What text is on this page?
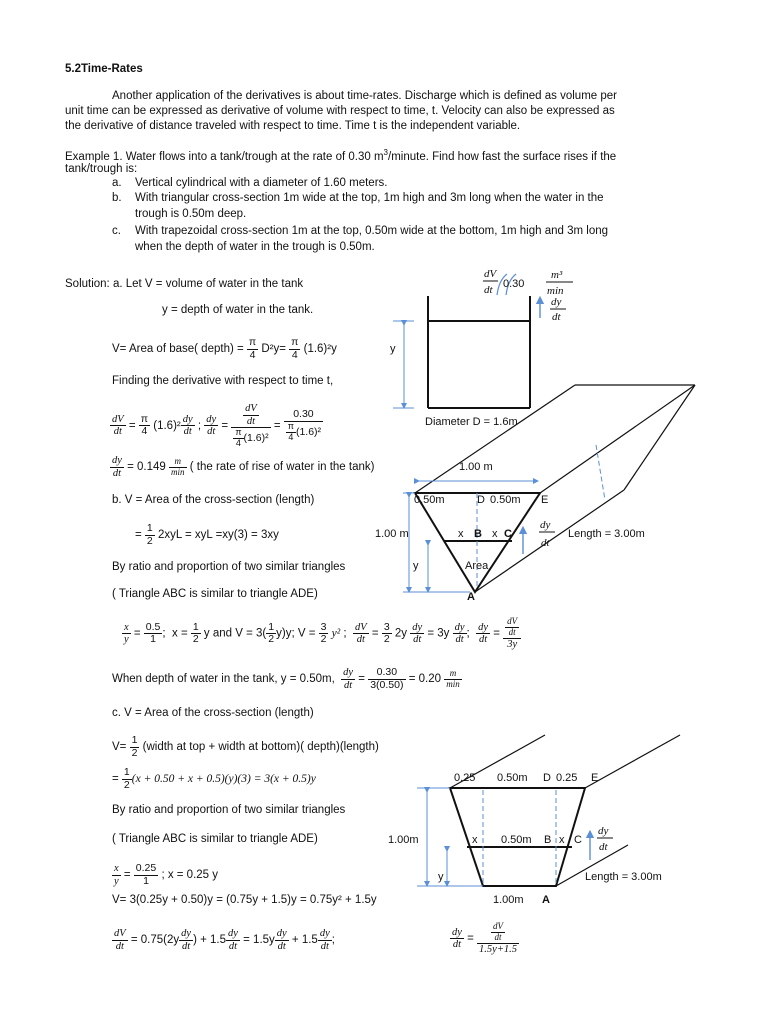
5.2Time-Rates
Another application of the derivatives is about time-rates. Discharge which is defined as volume per
unit time can be expressed as derivative of volume with respect to time, t. Velocity can also be expressed as
the derivative of distance traveled with respect to time. Time t is the independent variable.
Example 1. Water flows into a tank/trough at the rate of 0.30 $m^3$/minute. Find how fast the surface rises if the
tank/trough is:
a. Vertical cylindrical with a diameter of 1.60 meters.
b. With triangular cross-section 1m wide at the top, 1m high and 3m long when the water in the
trough is 0.50m deep.
c. With trapezoidal cross-section 1m at the top, 0.50m wide at the bottom, 1m high and 3m long
when the depth of water in the trough is 0.50m.
Solution: a. Let V = volume of water in the tank
y = depth of water in the tank.
V= Area of base( depth) = $\frac{\pi}{4} D^2y= \frac{\pi}{4} (1.6)^2y$
Finding the derivative with respect to time t,
$\frac{dV}{dt} = \frac{\pi}{4} (1.6)^2 \frac{dy}{dt}$ ; $\frac{dy}{dt} = \frac{\frac{dV}{dt}}{\frac{\pi}{4} (1.6)^2} = \frac{0.30}{\frac{\pi}{4} (1.6)^2}$
$\frac{dy}{dt} = 0.149 \frac{m}{\min}$ ( the rate of rise of water in the tank)
b. V = Area of the cross-section (length)
= $\frac{1}{2} 2xyL$ = xyL =xy(3) = 3xy
By ratio and proportion of two similar triangles
( Triangle ABC is similar to triangle ADE)
$\frac{x}{y} = \frac{0.5}{1}$ ;  $x = \frac{1}{2}$ y and $V = 3( \frac{1}{2} y)y$; $V = \frac{3}{2} y^2$ ; $\frac{dV}{dt} = \frac{3}{2} 2y \frac{dy}{dt} = 3y \frac{dy}{dt}$ ; $\frac{dy}{dt} = \frac{\frac{dV}{dt}}{3y}$
When depth of water in the tank, y = 0.50m, $\frac{dy}{dt} = \frac{0.30}{3(0.50)} = 0.20 \frac{m}{\min}$
c. V = Area of the cross-section (length)
$V= \frac{1}{2}$ (width at top + width at bottom)( depth)(length)
= $\frac{1}{2} (x + 0.50 + x + 0.5)(y)(3) = 3(x + 0.5)y$
By ratio and proportion of two similar triangles
( Triangle ABC is similar to triangle ADE)
$\frac{x}{y} = \frac{0.25}{1}$ ; x = 0.25 y
V= 3(0.25y + 0.50)y = (0.75y + 1.5)y = 0.75y² + 1.5y
$\frac{dV}{dt} = 0.75(2y \frac{dy}{dt}$ ) + $1.5 \frac{dy}{dt} = 1.5y \frac{dy}{dt} + 1.5 \frac{dy}{dt}$ ;	$\frac{dy}{dt} = \frac{\frac{dV}{dt}}{1.5y+1.5}$
y
Diameter D = 1.6m
dV
dt 0.30
m³
min
dy
dt
1.00 m
0.50m	D 0.50m E
1.00 m	x B x C
Area
y
A
dy
dt
Length = 3.00m
0.25 0.50m D 0.25 E
1.00m	x 0.50m B x C
y
dy
dt
Length = 3.00m
1.00m A
